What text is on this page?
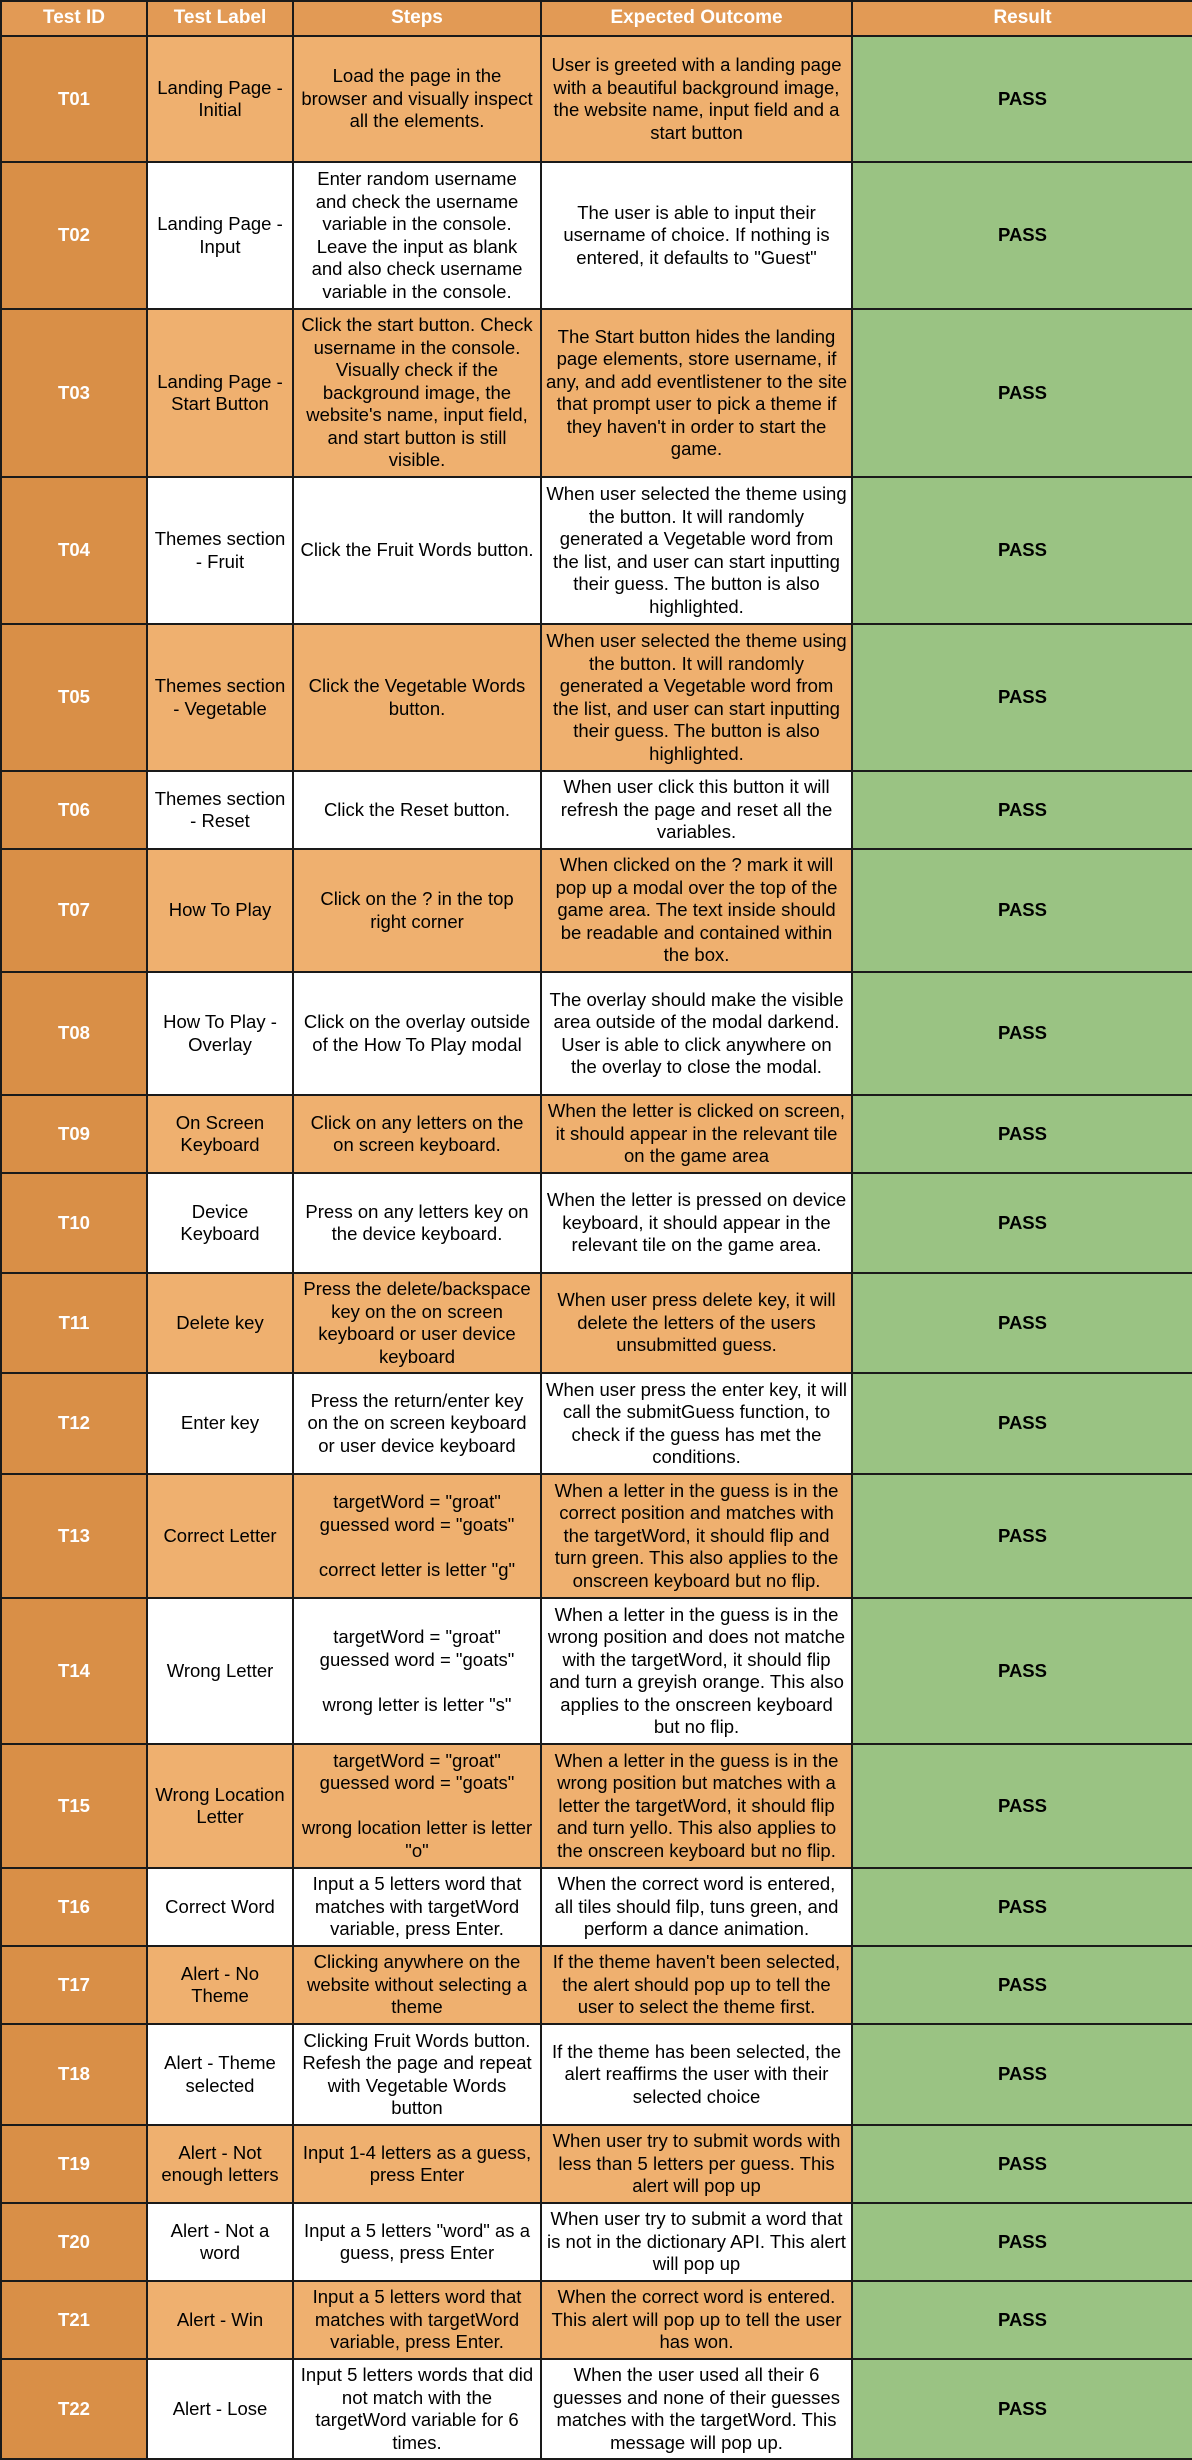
Test ID	Test Label	Steps	Expected Outcome	Result
T01	Landing Page - Initial	Load the page in the browser and visually inspect all the elements.	User is greeted with a landing page with a beautiful background image, the website name, input field and a start button	PASS
T02	Landing Page - Input	Enter random username and check the username variable in the console. Leave the input as blank and also check username variable in the console.	The user is able to input their username of choice. If nothing is entered, it defaults to "Guest"	PASS
T03	Landing Page - Start Button	Click the start button. Check username in the console. Visually check if the background image, the website's name, input field, and start button is still visible.	The Start button hides the landing page elements, store username, if any, and add eventlistener to the site that prompt user to pick a theme if they haven't in order to start the game.	PASS
T04	Themes section - Fruit	Click the Fruit Words button.	When user selected the theme using the button. It will randomly generated a Vegetable word from the list, and user can start inputting their guess. The button is also highlighted.	PASS
T05	Themes section - Vegetable	Click the Vegetable Words button.	When user selected the theme using the button. It will randomly generated a Vegetable word from the list, and user can start inputting their guess. The button is also highlighted.	PASS
T06	Themes section - Reset	Click the Reset button.	When user click this button it will refresh the page and reset all the variables.	PASS
T07	How To Play	Click on the ? in the top right corner	When clicked on the ? mark it will pop up a modal over the top of the game area. The text inside should be readable and contained within the box.	PASS
T08	How To Play - Overlay	Click on the overlay outside of the How To Play modal	The overlay should make the visible area outside of the modal darkend. User is able to click anywhere on the overlay to close the modal.	PASS
T09	On Screen Keyboard	Click on any letters on the on screen keyboard.	When the letter is clicked on screen, it should appear in the relevant tile on the game area	PASS
T10	Device Keyboard	Press on any letters key on the device keyboard.	When the letter is pressed on device keyboard, it should appear in the relevant tile on the game area.	PASS
T11	Delete key	Press the delete/backspace key on the on screen keyboard or user device keyboard	When user press delete key, it will delete the letters of the users unsubmitted guess.	PASS
T12	Enter key	Press the return/enter key on the on screen keyboard or user device keyboard	When user press the enter key, it will call the submitGuess function, to check if the guess has met the conditions.	PASS
T13	Correct Letter	targetWord = "groat"
guessed word = "goats"

correct letter is letter "g"	When a letter in the guess is in the correct position and matches with the targetWord, it should flip and turn green. This also applies to the onscreen keyboard but no flip.	PASS
T14	Wrong Letter	targetWord = "groat"
guessed word = "goats"

wrong letter is letter "s"	When a letter in the guess is in the wrong position and does not matche with the targetWord, it should flip and turn a greyish orange. This also applies to the onscreen keyboard but no flip.	PASS
T15	Wrong Location Letter	targetWord = "groat"
guessed word = "goats"

wrong location letter is letter "o"	When a letter in the guess is in the wrong position but matches with a letter the targetWord, it should flip and turn yello. This also applies to the onscreen keyboard but no flip.	PASS
T16	Correct Word	Input a 5 letters word that matches with targetWord variable, press Enter.	When the correct word is entered, all tiles should filp, tuns green, and perform a dance animation.	PASS
T17	Alert - No Theme	Clicking anywhere on the website without selecting a theme	If the theme haven't been selected, the alert should pop up to tell the user to select the theme first.	PASS
T18	Alert - Theme selected	Clicking Fruit Words button. Refesh the page and repeat with Vegetable Words button	If the theme has been selected, the alert reaffirms the user with their selected choice	PASS
T19	Alert - Not enough letters	Input 1-4 letters as a guess, press Enter	When user try to submit words with less than 5 letters per guess. This alert will pop up	PASS
T20	Alert - Not a word	Input a 5 letters "word" as a guess, press Enter	When user try to submit a word that is not in the dictionary API. This alert will pop up	PASS
T21	Alert - Win	Input a 5 letters word that matches with targetWord variable, press Enter.	When the correct word is entered. This alert will pop up to tell the user has won.	PASS
T22	Alert - Lose	Input 5 letters words that did not match with the targetWord variable for 6 times.	When the user used all their 6 guesses and none of their guesses matches with the targetWord. This message will pop up.	PASS
